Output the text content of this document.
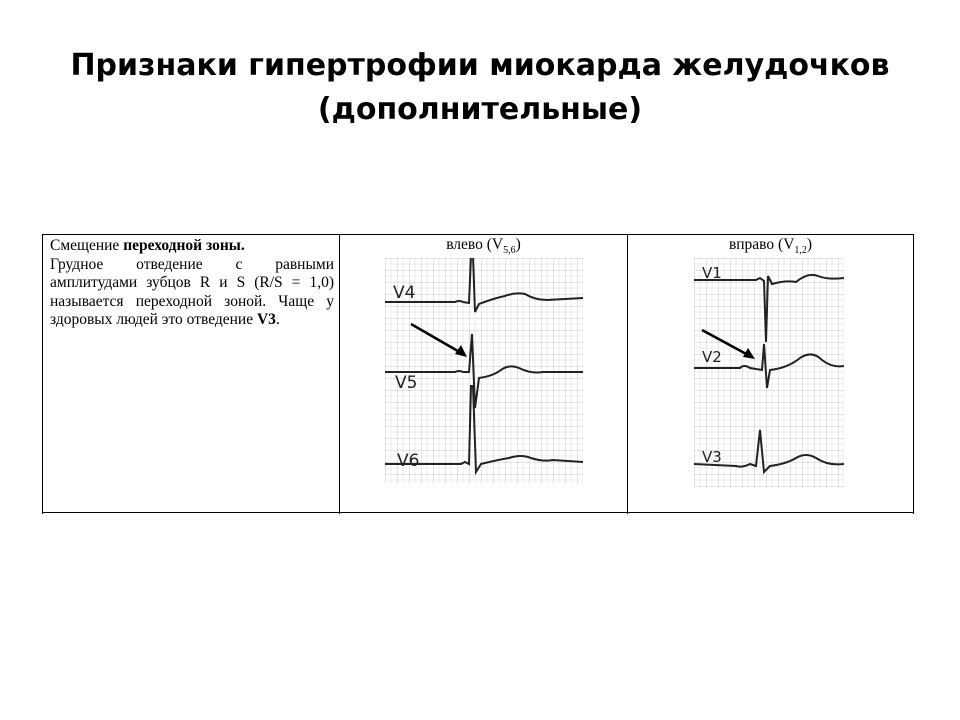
Признаки гипертрофии миокарда желудочков
(дополнительные)

Смещение переходной зоны.

Грудное отведение с равными амплитудами зубцов R и S (R/S = 1,0) называется переходной зоной. Чаще у здоровых людей это отведение V3.

влево $(V_{5,6})$	вправо $(V_{1,2})$
V4
V5
V6
V1
V2
V3
